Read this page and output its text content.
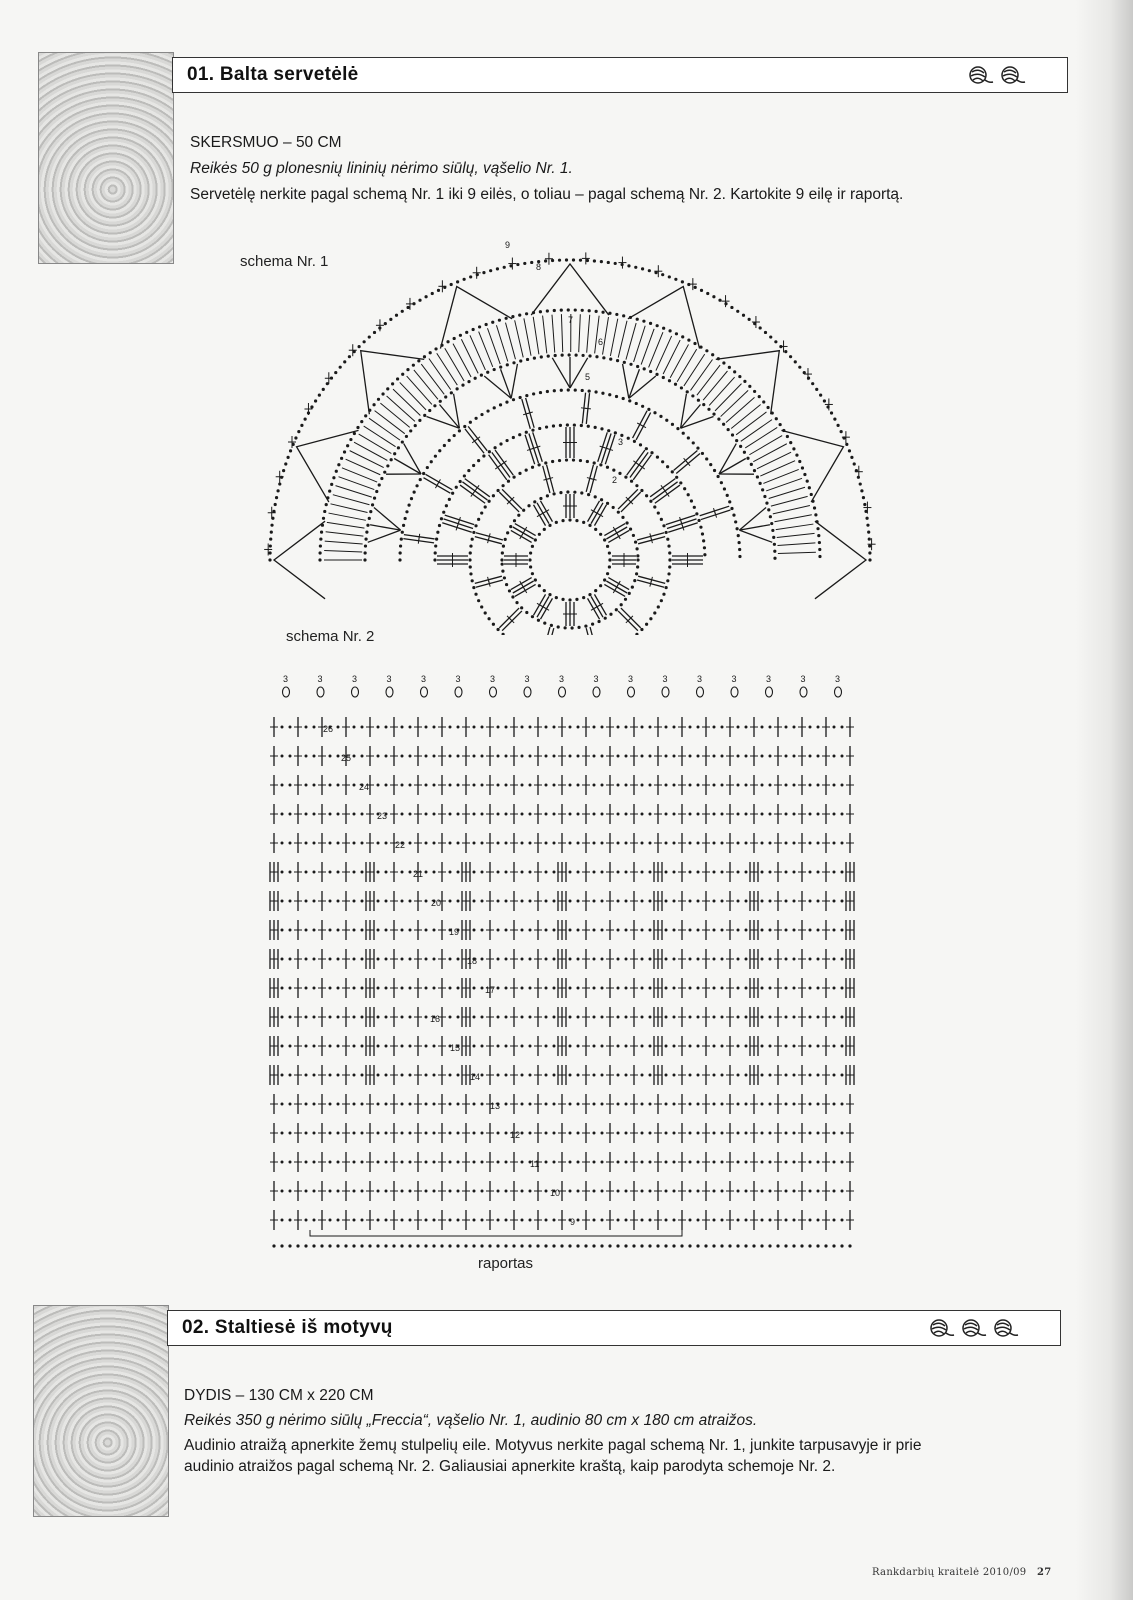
01. Balta servetėlė
SKERSMUO – 50 CM
Reikės 50 g plonesnių lininių nėrimo siūlų, vąšelio Nr. 1.
Servetėlę nerkite pagal schemą Nr. 1 iki 9 eilės, o toliau – pagal schemą Nr. 2. Kartokite 9 eilę ir raportą.
schema Nr. 1
2
3
5
6
7
8
9
schema Nr. 2
9
10
11
12
13
14
15
16
17
18
19
20
21
22
23
24
25
26
3	3	3	3	3	3	3	3	3	3	3	3	3	3	3	3	3
raportas
02. Staltiesė iš motyvų
DYDIS – 130 CM x 220 CM
Reikės 350 g nėrimo siūlų „Freccia“, vąšelio Nr. 1, audinio 80 cm x 180 cm atraižos.
Audinio atraižą apnerkite žemų stulpelių eile. Motyvus nerkite pagal schemą Nr. 1, junkite tarpusavyje ir prie audinio atraižos pagal schemą Nr. 2. Galiausiai apnerkite kraštą, kaip parodyta schemoje Nr. 2.
Rankdarbių kraitelė 2010/09 27
